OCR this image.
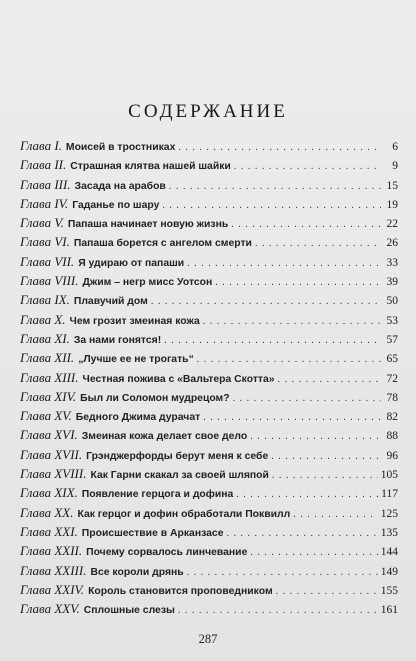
СОДЕРЖАНИЕ
Глава I. Моисей в тростниках . . .	6
Глава II. Страшная клятва нашей шайки . . .	9
Глава III. Засада на арабов . . .	15
Глава IV. Гаданье по шару . . .	19
Глава V. Папаша начинает новую жизнь . . .	22
Глава VI. Папаша борется с ангелом смерти . . .	26
Глава VII. Я удираю от папаши . . .	33
Глава VIII. Джим – негр мисс Уотсон . . .	39
Глава IX. Плавучий дом . . .	50
Глава X. Чем грозит змеиная кожа . . .	53
Глава XI. За нами гонятся! . . .	57
Глава XII. „Лучше ее не трогать“ . . .	65
Глава XIII. Честная пожива с «Вальтера Скотта» . . .	72
Глава XIV. Был ли Соломон мудрецом? . . .	78
Глава XV. Бедного Джима дурачат . . .	82
Глава XVI. Змеиная кожа делает свое дело . . .	88
Глава XVII. Грэнджерфорды берут меня к себе . . .	96
Глава XVIII. Как Гарни скакал за своей шляпой . . .	105
Глава XIX. Появление герцога и дофина . . .	117
Глава XX. Как герцог и дофин обработали Поквилл . . .	125
Глава XXI. Происшествие в Арканзасе . . .	135
Глава XXII. Почему сорвалось линчевание . . .	144
Глава XXIII. Все короли дрянь . . .	149
Глава XXIV. Король становится проповедником . . .	155
Глава XXV. Сплошные слезы . . .	161
287
